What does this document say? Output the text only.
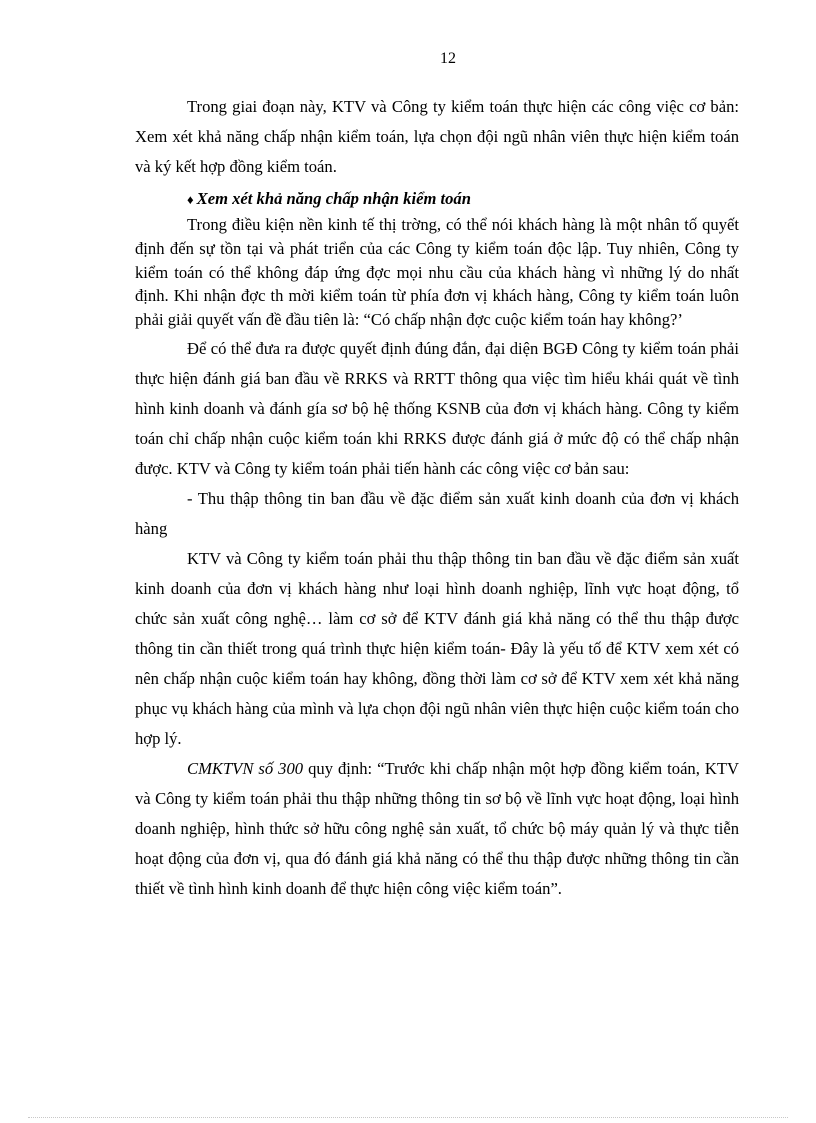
12

Trong giai đoạn này, KTV và Công ty kiểm toán thực hiện các công việc cơ bản: Xem xét khả năng chấp nhận kiểm toán, lựa chọn đội ngũ nhân viên thực hiện kiểm toán và ký kết hợp đồng kiểm toán.

♦ Xem xét khả năng chấp nhận kiểm toán

Trong điều kiện nền kinh tế thị trờng, có thể nói khách hàng là một nhân tố quyết định đến sự tồn tại và phát triển của các Công ty kiểm toán độc lập. Tuy nhiên, Công ty kiểm toán có thể không đáp ứng đợc mọi nhu cầu của khách hàng vì những lý do nhất định. Khi nhận đợc th mời kiểm toán từ phía đơn vị khách hàng, Công ty kiểm toán luôn phải giải quyết vấn đề đầu tiên là: “Có chấp nhận đợc cuộc kiểm toán hay không?’

Để có thể đưa ra được quyết định đúng đắn, đại diện BGĐ Công ty kiểm toán phải thực hiện đánh giá ban đầu về RRKS và RRTT thông qua việc tìm hiểu khái quát về tình hình kinh doanh và đánh gía sơ bộ hệ thống KSNB của đơn vị khách hàng. Công ty kiểm toán chỉ chấp nhận cuộc kiểm toán khi RRKS được đánh giá ở mức độ có thể chấp nhận được. KTV và Công ty kiểm toán phải tiến hành các công việc cơ bản sau:

- Thu thập thông tin ban đầu về đặc điểm sản xuất kinh doanh của đơn vị khách hàng

KTV và Công ty kiểm toán phải thu thập thông tin ban đầu về đặc điểm sản xuất kinh doanh của đơn vị khách hàng như loại hình doanh nghiệp, lĩnh vực hoạt động, tổ chức sản xuất công nghệ… làm cơ sở để KTV đánh giá khả năng có thể thu thập được thông tin cần thiết trong quá trình thực hiện kiểm toán- Đây là yếu tố để KTV xem xét có nên chấp nhận cuộc kiểm toán hay không, đồng thời làm cơ sở để KTV xem xét khả năng phục vụ khách hàng của mình và lựa chọn đội ngũ nhân viên thực hiện cuộc kiểm toán cho hợp lý.

CMKTVN số 300 quy định: “Trước khi chấp nhận một hợp đồng kiểm toán, KTV và Công ty kiểm toán phải thu thập những thông tin sơ bộ về lĩnh vực hoạt động, loại hình doanh nghiệp, hình thức sở hữu công nghệ sản xuất, tổ chức bộ máy quản lý và thực tiễn hoạt động của đơn vị, qua đó đánh giá khả năng có thể thu thập được những thông tin cần thiết về tình hình kinh doanh để thực hiện công việc kiểm toán”.
